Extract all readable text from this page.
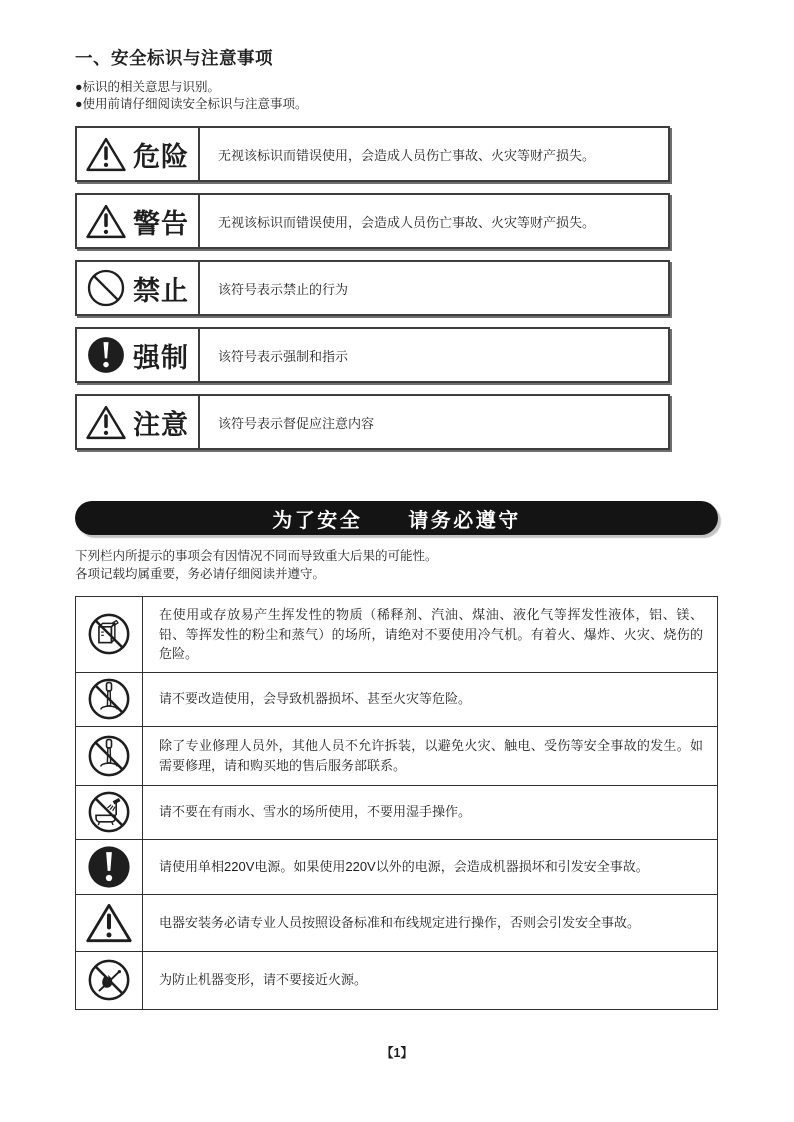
一、安全标识与注意事项

●标识的相关意思与识别。

●使用前请仔细阅读安全标识与注意事项。

危险	无视该标识而错误使用，会造成人员伤亡事故、火灾等财产损失。
警告	无视该标识而错误使用，会造成人员伤亡事故、火灾等财产损失。
禁止	该符号表示禁止的行为
强制	该符号表示强制和指示
注意	该符号表示督促应注意内容
为了安全 请务必遵守

下列栏内所提示的事项会有因情况不同而导致重大后果的可能性。

各项记载均属重要，务必请仔细阅读并遵守。

在使用或存放易产生挥发性的物质（稀释剂、汽油、煤油、液化气等挥发性液体，铝、镁、铅、等挥发性的粉尘和蒸气）的场所，请绝对不要使用冷气机。有着火、爆炸、火灾、烧伤的危险。
请不要改造使用，会导致机器损坏、甚至火灾等危险。
除了专业修理人员外，其他人员不允许拆装，以避免火灾、触电、受伤等安全事故的发生。如需要修理，请和购买地的售后服务部联系。
请不要在有雨水、雪水的场所使用，不要用湿手操作。
请使用单相220V电源。如果使用220V以外的电源，会造成机器损坏和引发安全事故。
电器安装务必请专业人员按照设备标准和布线规定进行操作，否则会引发安全事故。
为防止机器变形，请不要接近火源。
【1】
